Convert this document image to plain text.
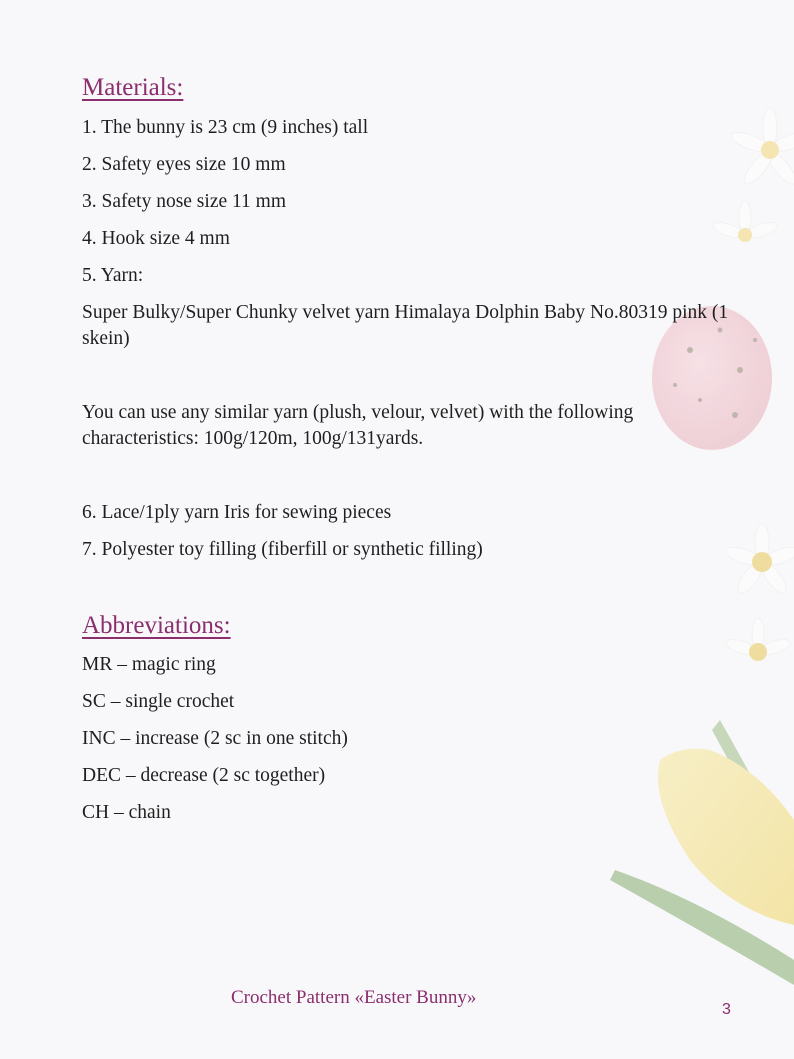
Materials:
1. The bunny is 23 cm (9 inches) tall
2. Safety eyes size 10 mm
3. Safety nose size 11 mm
4. Hook size 4 mm
5. Yarn:
Super Bulky/Super Chunky velvet yarn Himalaya Dolphin Baby No.80319 pink (1 skein)
You can use any similar yarn (plush, velour, velvet) with the following characteristics: 100g/120m, 100g/131yards.
6. Lace/1ply yarn Iris for sewing pieces
7. Polyester toy filling (fiberfill or synthetic filling)
Abbreviations:
MR – magic ring
SC – single crochet
INC – increase (2 sc in one stitch)
DEC – decrease (2 sc together)
CH – chain
Crochet Pattern «Easter Bunny»
3
